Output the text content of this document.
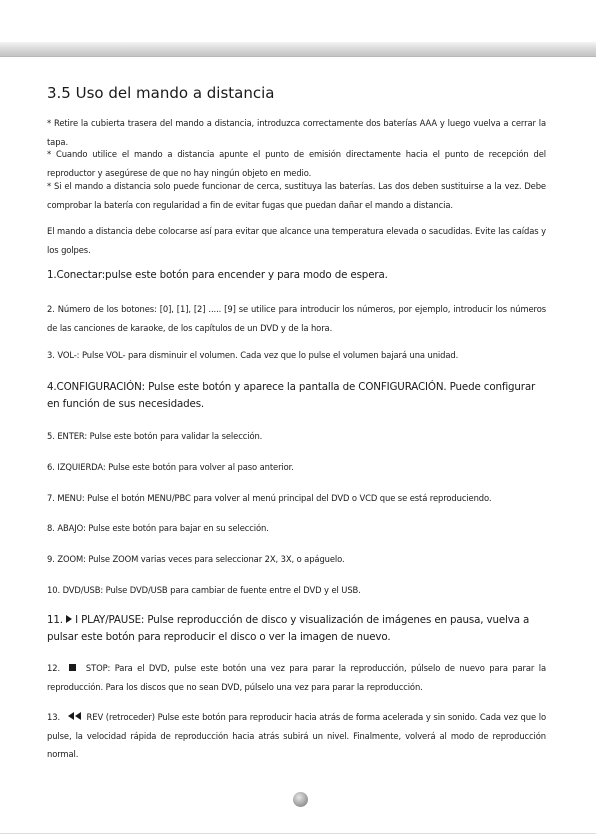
3.5 Uso del mando a distancia

* Retire la cubierta trasera del mando a distancia, introduzca correctamente dos baterías AAA y luego vuelva a cerrar la tapa.

* Cuando utilice el mando a distancia apunte el punto de emisión directamente hacia el punto de recepción del reproductor y asegúrese de que no hay ningún objeto en medio.

* Si el mando a distancia solo puede funcionar de cerca, sustituya las baterías. Las dos deben sustituirse a la vez. Debe comprobar la batería con regularidad a fin de evitar fugas que puedan dañar el mando a distancia.

El mando a distancia debe colocarse así para evitar que alcance una temperatura elevada o sacudidas. Evite las caídas y los golpes.

1.Conectar:pulse este botón para encender y para modo de espera.

2. Número de los botones: [0], [1], [2] ..... [9] se utilice para introducir los números, por ejemplo, introducir los números de las canciones de karaoke, de los capítulos de un DVD y de la hora.

3. VOL-: Pulse VOL- para disminuir el volumen. Cada vez que lo pulse el volumen bajará una unidad.

4.CONFIGURACIÓN: Pulse este botón y aparece la pantalla de CONFIGURACIÓN. Puede configurar en función de sus necesidades.

5. ENTER: Pulse este botón para validar la selección.

6. IZQUIERDA: Pulse este botón para volver al paso anterior.

7. MENU: Pulse el botón MENU/PBC para volver al menú principal del DVD o VCD que se está reproduciendo.

8. ABAJO: Pulse este botón para bajar en su selección.

9. ZOOM: Pulse ZOOM varias veces para seleccionar 2X, 3X, o apáguelo.

10. DVD/USB: Pulse DVD/USB para cambiar de fuente entre el DVD y el USB.

11. I PLAY/PAUSE: Pulse reproducción de disco y visualización de imágenes en pausa, vuelva a pulsar este botón para reproducir el disco o ver la imagen de nuevo.

12.	STOP: Para el DVD, pulse este botón una vez para parar la reproducción, púlselo de nuevo para parar la reproducción. Para los discos que no sean DVD, púlselo una vez para parar la reproducción.

13.	REV (retroceder) Pulse este botón para reproducir hacia atrás de forma acelerada y sin sonido. Cada vez que lo pulse, la velocidad rápida de reproducción hacia atrás subirá un nivel. Finalmente, volverá al modo de reproducción normal.
